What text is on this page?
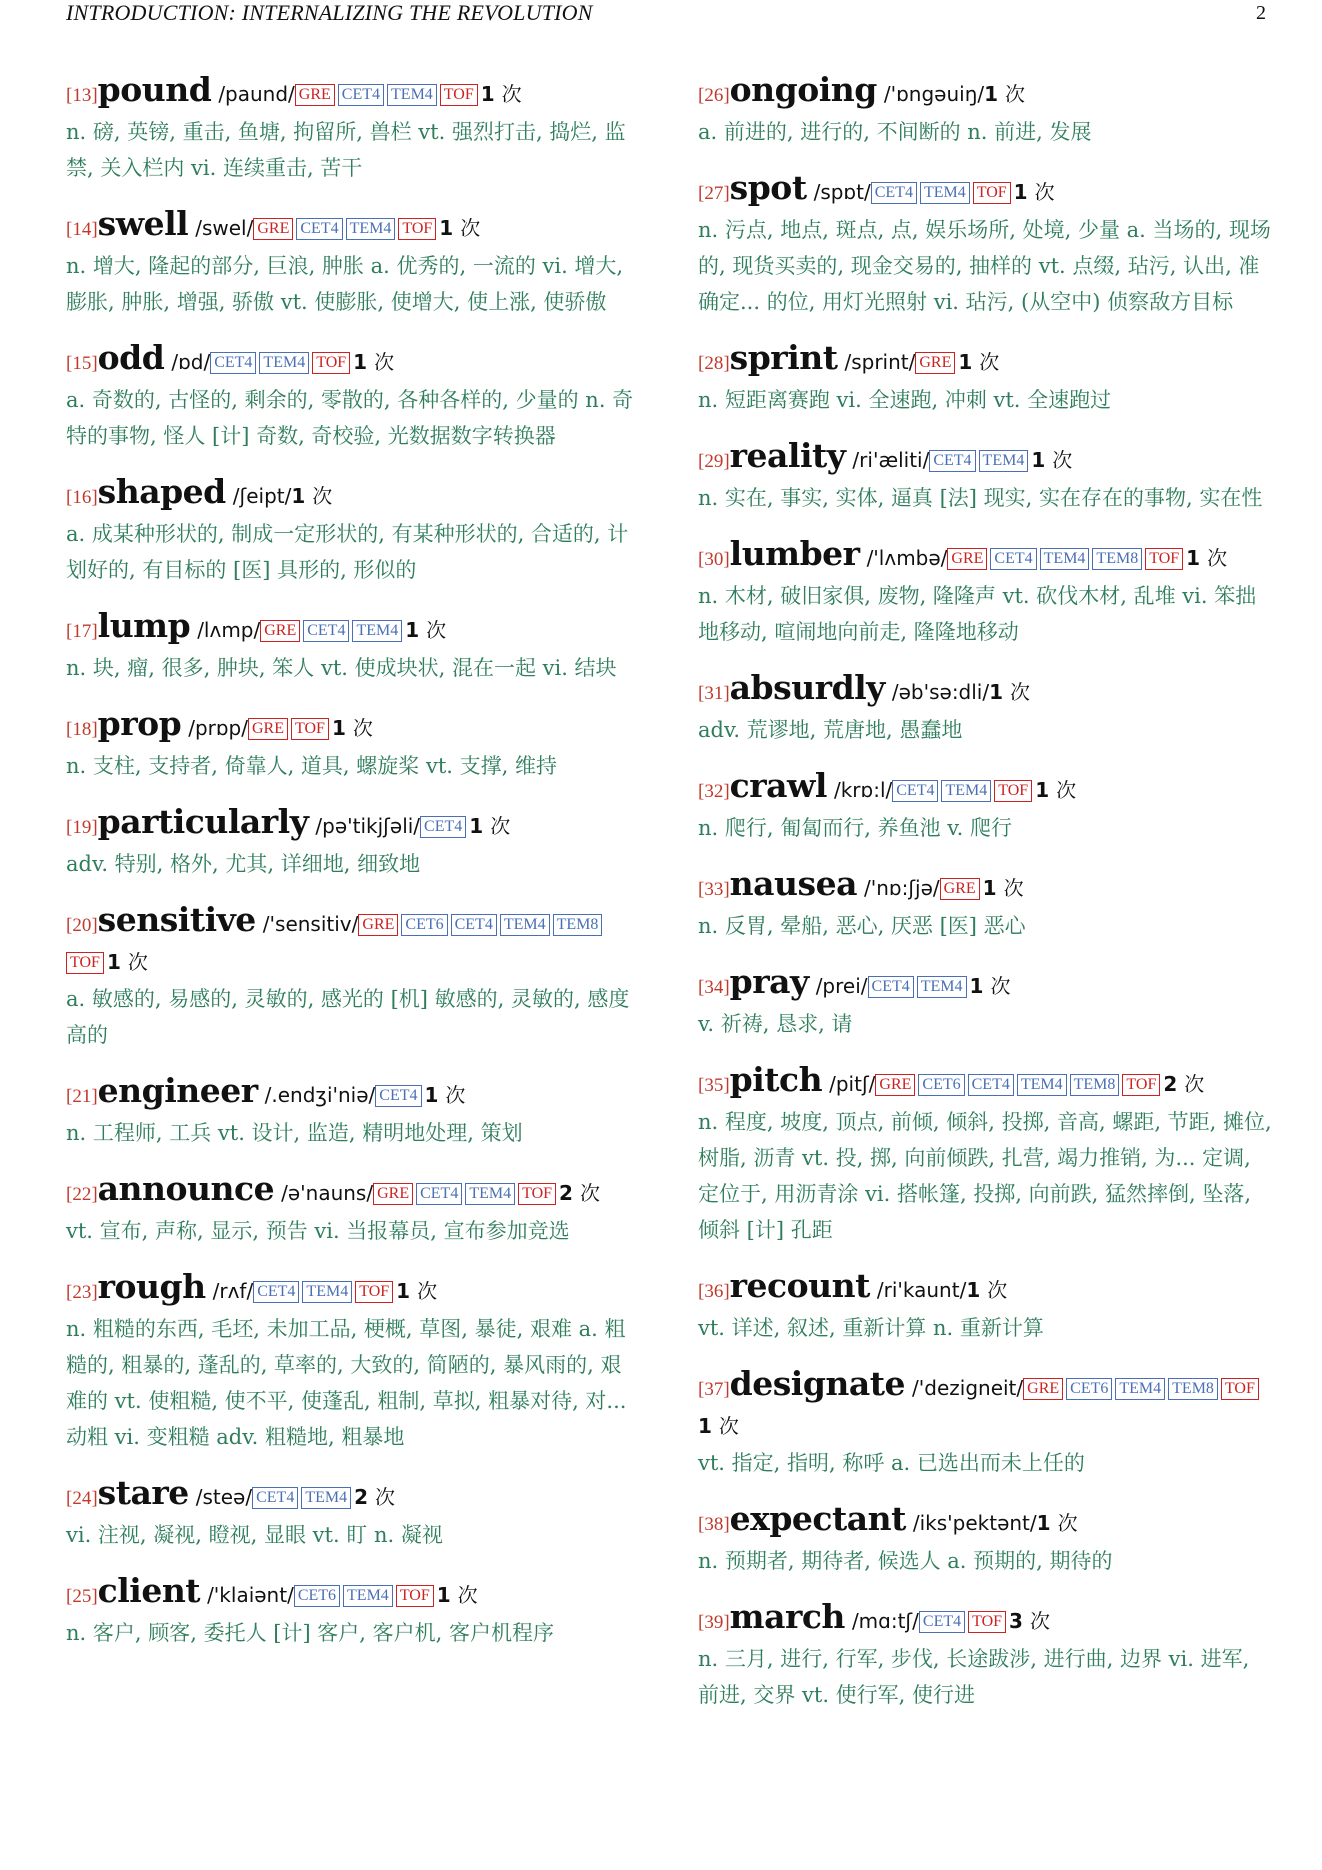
INTRODUCTION: INTERNALIZING THE REVOLUTION	2
[13]pound /paund/ GRE CET4 TEM4 TOF 1 次
n. 磅, 英镑, 重击, 鱼塘, 拘留所, 兽栏 vt. 强烈打击, 捣烂, 监禁, 关入栏内 vi. 连续重击, 苦干
[14]swell /swel/ GRE CET4 TEM4 TOF 1 次
n. 增大, 隆起的部分, 巨浪, 肿胀 a. 优秀的, 一流的 vi. 增大, 膨胀, 肿胀, 增强, 骄傲 vt. 使膨胀, 使增大, 使上涨, 使骄傲
[15]odd /ɒd/ CET4 TEM4 TOF 1 次
a. 奇数的, 古怪的, 剩余的, 零散的, 各种各样的, 少量的 n. 奇特的事物, 怪人 [计] 奇数, 奇校验, 光数据数字转换器
[16]shaped /ʃeipt/1 次
a. 成某种形状的, 制成一定形状的, 有某种形状的, 合适的, 计划好的, 有目标的 [医] 具形的, 形似的
[17]lump /lʌmp/ GRE CET4 TEM4 1 次
n. 块, 瘤, 很多, 肿块, 笨人 vt. 使成块状, 混在一起 vi. 结块
[18]prop /prɒp/ GRE TOF 1 次
n. 支柱, 支持者, 倚靠人, 道具, 螺旋桨 vt. 支撑, 维持
[19]particularly /pə'tikjʃəli/ CET4 1 次
adv. 特别, 格外, 尤其, 详细地, 细致地
[20]sensitive /'sensitiv/ GRE CET6 CET4 TEM4 TEM8TOF 1 次
a. 敏感的, 易感的, 灵敏的, 感光的 [机] 敏感的, 灵敏的, 感度高的
[21]engineer /.endʒi'niə/ CET4 1 次
n. 工程师, 工兵 vt. 设计, 监造, 精明地处理, 策划
[22]announce /ə'nauns/ GRE CET4 TEM4 TOF 2 次
vt. 宣布, 声称, 显示, 预告 vi. 当报幕员, 宣布参加竞选
[23]rough /rʌf/ CET4 TEM4 TOF 1 次
n. 粗糙的东西, 毛坯, 未加工品, 梗概, 草图, 暴徒, 艰难 a. 粗糙的, 粗暴的, 蓬乱的, 草率的, 大致的, 简陋的, 暴风雨的, 艰难的 vt. 使粗糙, 使不平, 使蓬乱, 粗制, 草拟, 粗暴对待, 对... 动粗 vi. 变粗糙 adv. 粗糙地, 粗暴地
[24]stare /steə/ CET4 TEM4 2 次
vi. 注视, 凝视, 瞪视, 显眼 vt. 盯 n. 凝视
[25]client /'klaiənt/ CET6 TEM4 TOF 1 次
n. 客户, 顾客, 委托人 [计] 客户, 客户机, 客户机程序
[26]ongoing /'ɒngəuiŋ/1 次
a. 前进的, 进行的, 不间断的 n. 前进, 发展
[27]spot /spɒt/ CET4 TEM4 TOF 1 次
n. 污点, 地点, 斑点, 点, 娱乐场所, 处境, 少量 a. 当场的, 现场的, 现货买卖的, 现金交易的, 抽样的 vt. 点缀, 玷污, 认出, 准确定... 的位, 用灯光照射 vi. 玷污, (从空中) 侦察敌方目标
[28]sprint /sprint/ GRE 1 次
n. 短距离赛跑 vi. 全速跑, 冲刺 vt. 全速跑过
[29]reality /ri'æliti/ CET4 TEM4 1 次
n. 实在, 事实, 实体, 逼真 [法] 现实, 实在存在的事物, 实在性
[30]lumber /'lʌmbə/ GRE CET4 TEM4 TEM8 TOF 1 次
n. 木材, 破旧家俱, 废物, 隆隆声 vt. 砍伐木材, 乱堆 vi. 笨拙地移动, 喧闹地向前走, 隆隆地移动
[31]absurdly /əb'sə:dli/1 次
adv. 荒谬地, 荒唐地, 愚蠢地
[32]crawl /krɒ:l/ CET4 TEM4 TOF 1 次
n. 爬行, 匍匐而行, 养鱼池 v. 爬行
[33]nausea /'nɒ:ʃjə/ GRE 1 次
n. 反胃, 晕船, 恶心, 厌恶 [医] 恶心
[34]pray /prei/ CET4 TEM4 1 次
v. 祈祷, 恳求, 请
[35]pitch /pitʃ/ GRE CET6 CET4 TEM4 TEM8 TOF 2 次
n. 程度, 坡度, 顶点, 前倾, 倾斜, 投掷, 音高, 螺距, 节距, 摊位, 树脂, 沥青 vt. 投, 掷, 向前倾跌, 扎营, 竭力推销, 为... 定调, 定位于, 用沥青涂 vi. 搭帐篷, 投掷, 向前跌, 猛然摔倒, 坠落, 倾斜 [计] 孔距
[36]recount /ri'kaunt/1 次
vt. 详述, 叙述, 重新计算 n. 重新计算
[37]designate /'dezigneit/ GRE CET6 TEM4 TEM8 TOF1 次
vt. 指定, 指明, 称呼 a. 已选出而未上任的
[38]expectant /iks'pektənt/1 次
n. 预期者, 期待者, 候选人 a. 预期的, 期待的
[39]march /mɑ:tʃ/ CET4 TOF 3 次
n. 三月, 进行, 行军, 步伐, 长途跋涉, 进行曲, 边界 vi. 进军, 前进, 交界 vt. 使行军, 使行进
